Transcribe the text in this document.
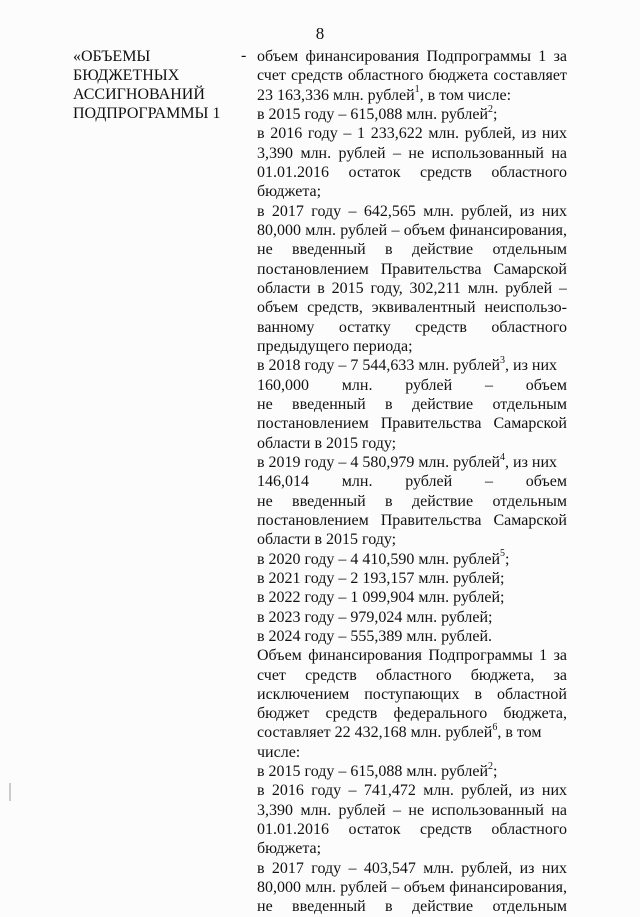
8
«ОБЪЕМЫ
БЮДЖЕТНЫХ
АССИГНОВАНИЙ
ПОДПРОГРАММЫ 1
- объем финансирования Подпрограммы 1 за
счет средств областного бюджета составляет
23 163,336 млн. рублей$^1$, в том числе:
в 2015 году – 615,088 млн. рублей$^2$;
в 2016 году – 1 233,622 млн. рублей, из них
3,390 млн. рублей – не использованный на
01.01.2016 остаток средств областного
бюджета;
в 2017 году – 642,565 млн. рублей, из них
80,000 млн. рублей – объем финансирования,
не введенный в действие отдельным
постановлением Правительства Самарской
области в 2015 году, 302,211 млн. рублей –
объем средств, эквивалентный неиспользо-
ванному остатку средств областного
предыдущего периода;
в 2018 году – 7 544,633 млн. рублей$^3$, из них
160,000 млн. рублей – объем
не введенный в действие отдельным
постановлением Правительства Самарской
области в 2015 году;
в 2019 году – 4 580,979 млн. рублей$^4$, из них
146,014 млн. рублей – объем
не введенный в действие отдельным
постановлением Правительства Самарской
области в 2015 году;
в 2020 году – 4 410,590 млн. рублей$^5$;
в 2021 году – 2 193,157 млн. рублей;
в 2022 году – 1 099,904 млн. рублей;
в 2023 году – 979,024 млн. рублей;
в 2024 году – 555,389 млн. рублей.
Объем финансирования Подпрограммы 1 за
счет средств областного бюджета, за
исключением поступающих в областной
бюджет средств федерального бюджета,
составляет 22 432,168 млн. рублей$^6$, в том
числе:
в 2015 году – 615,088 млн. рублей$^2$;
в 2016 году – 741,472 млн. рублей, из них
3,390 млн. рублей – не использованный на
01.01.2016 остаток средств областного
бюджета;
в 2017 году – 403,547 млн. рублей, из них
80,000 млн. рублей – объем финансирования,
не введенный в действие отдельным
